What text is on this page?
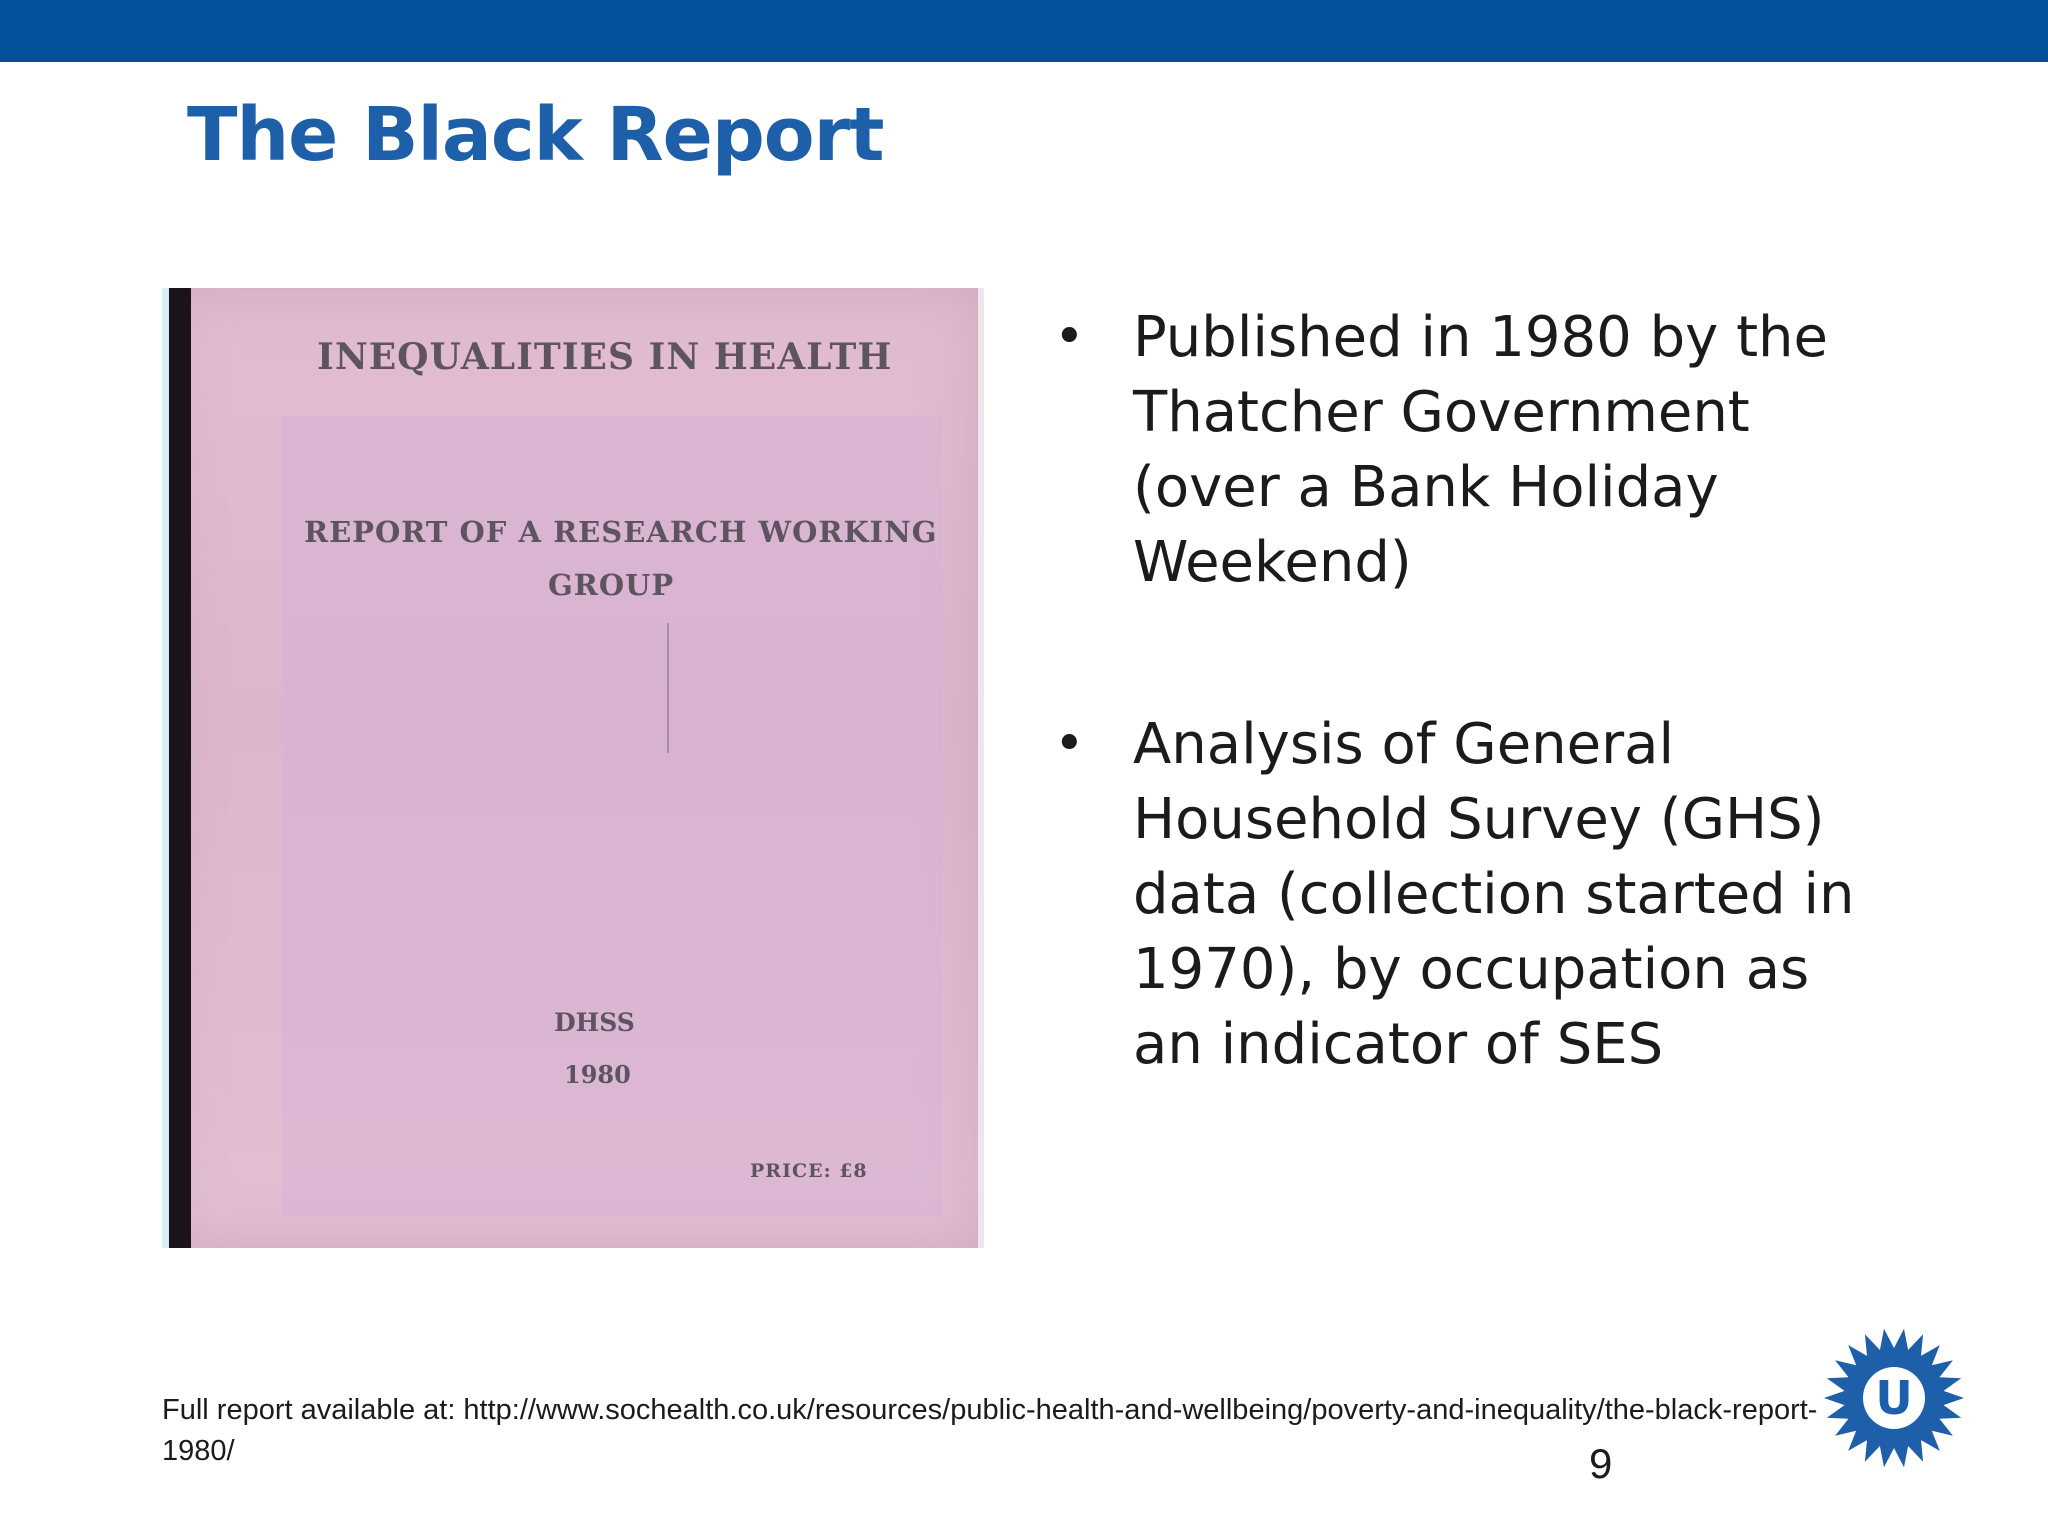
The Black Report
INEQUALITIES IN HEALTH
REPORT OF A RESEARCH WORKING
GROUP
DHSS
1980
PRICE: £8
• Published in 1980 by the Thatcher Government (over a Bank Holiday Weekend)
• Analysis of General Household Survey (GHS) data (collection started in 1970), by occupation as an indicator of SES
Full report available at: http://www.sochealth.co.uk/resources/public-health-and-wellbeing/poverty-and-inequality/the-black-report-1980/	9
U
